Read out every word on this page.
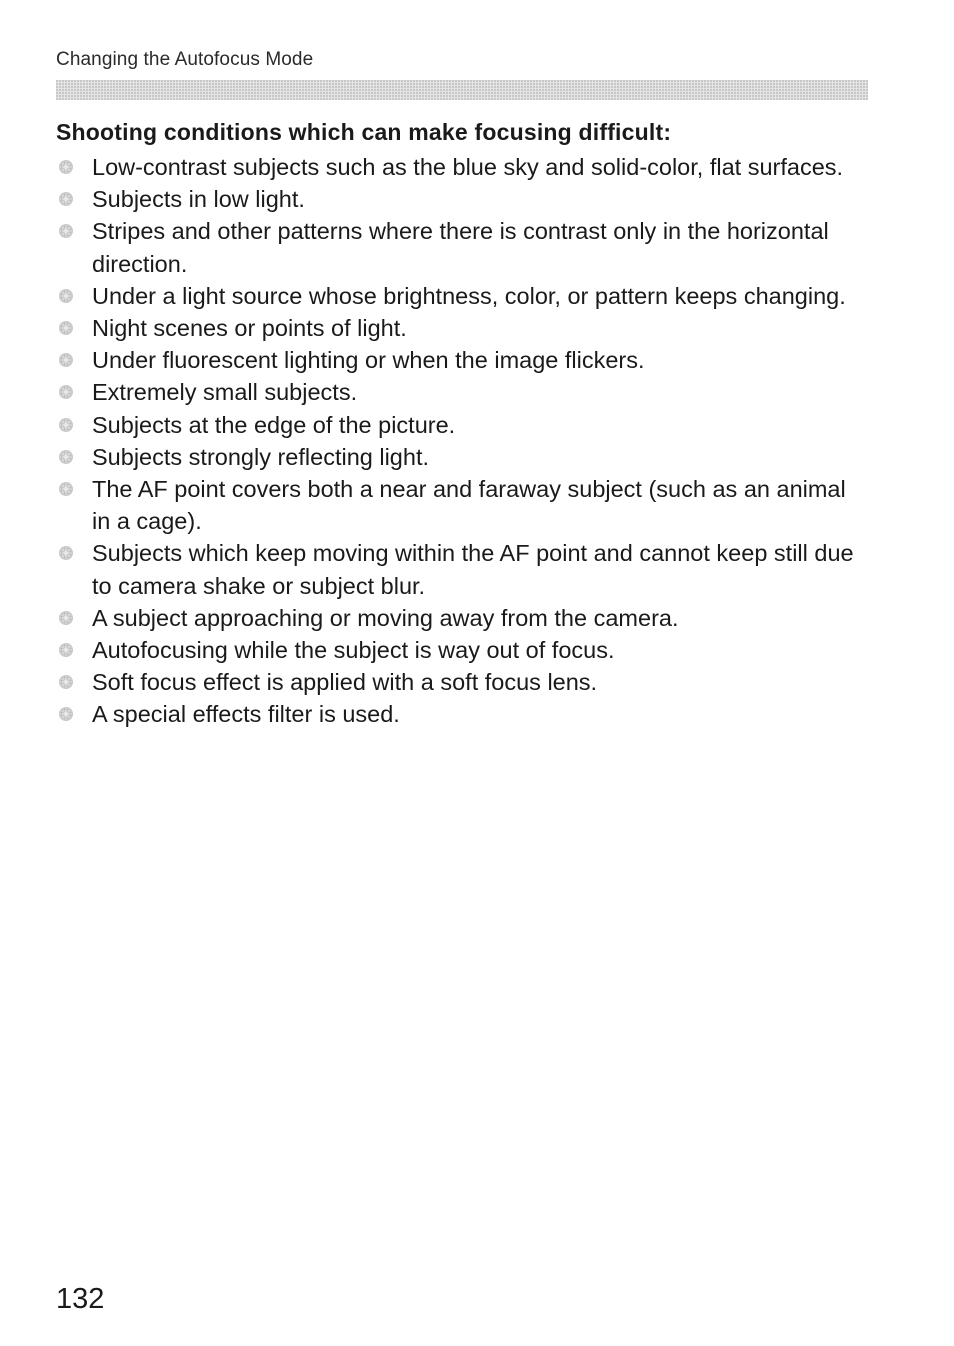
Changing the Autofocus Mode
Shooting conditions which can make focusing difficult:
Low-contrast subjects such as the blue sky and solid-color, flat surfaces.
Subjects in low light.
Stripes and other patterns where there is contrast only in the horizontal direction.
Under a light source whose brightness, color, or pattern keeps changing.
Night scenes or points of light.
Under fluorescent lighting or when the image flickers.
Extremely small subjects.
Subjects at the edge of the picture.
Subjects strongly reflecting light.
The AF point covers both a near and faraway subject (such as an animal in a cage).
Subjects which keep moving within the AF point and cannot keep still due to camera shake or subject blur.
A subject approaching or moving away from the camera.
Autofocusing while the subject is way out of focus.
Soft focus effect is applied with a soft focus lens.
A special effects filter is used.
132
